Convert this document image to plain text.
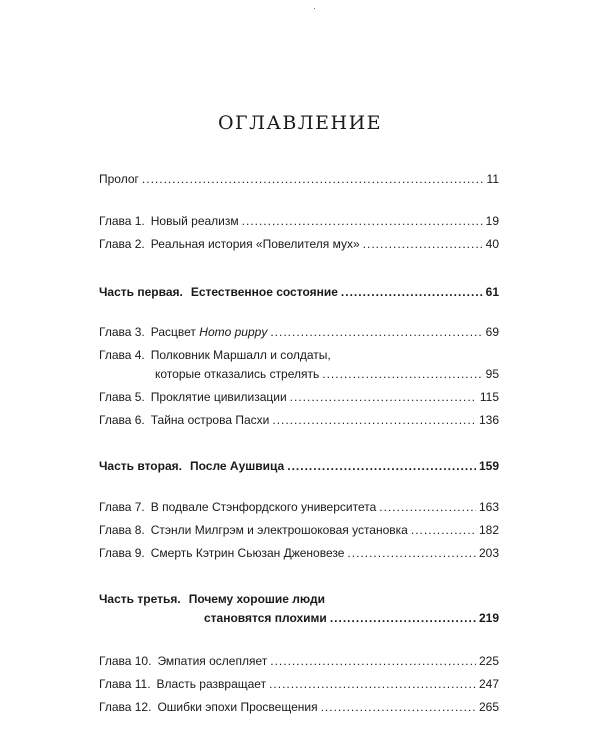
ОГЛАВЛЕНИЕ
Пролог .....	11
Глава 1. Новый реализм .....	19
Глава 2. Реальная история «Повелителя мух» .....	40
Часть первая. Естественное состояние .....	61
Глава 3. Расцвет Homo puppy .....	69
Глава 4. Полковник Маршалл и солдаты,
которые отказались стрелять .....	95
Глава 5. Проклятие цивилизации .....	115
Глава 6. Тайна острова Пасхи .....	136
Часть вторая. После Аушвица .....	159
Глава 7. В подвале Стэнфордского университета .....	163
Глава 8. Стэнли Милгрэм и электрошоковая установка .....	182
Глава 9. Смерть Кэтрин Сьюзан Дженовезе .....	203
Часть третья. Почему хорошие люди
становятся плохими .....	219
Глава 10. Эмпатия ослепляет .....	225
Глава 11. Власть развращает .....	247
Глава 12. Ошибки эпохи Просвещения .....	265
